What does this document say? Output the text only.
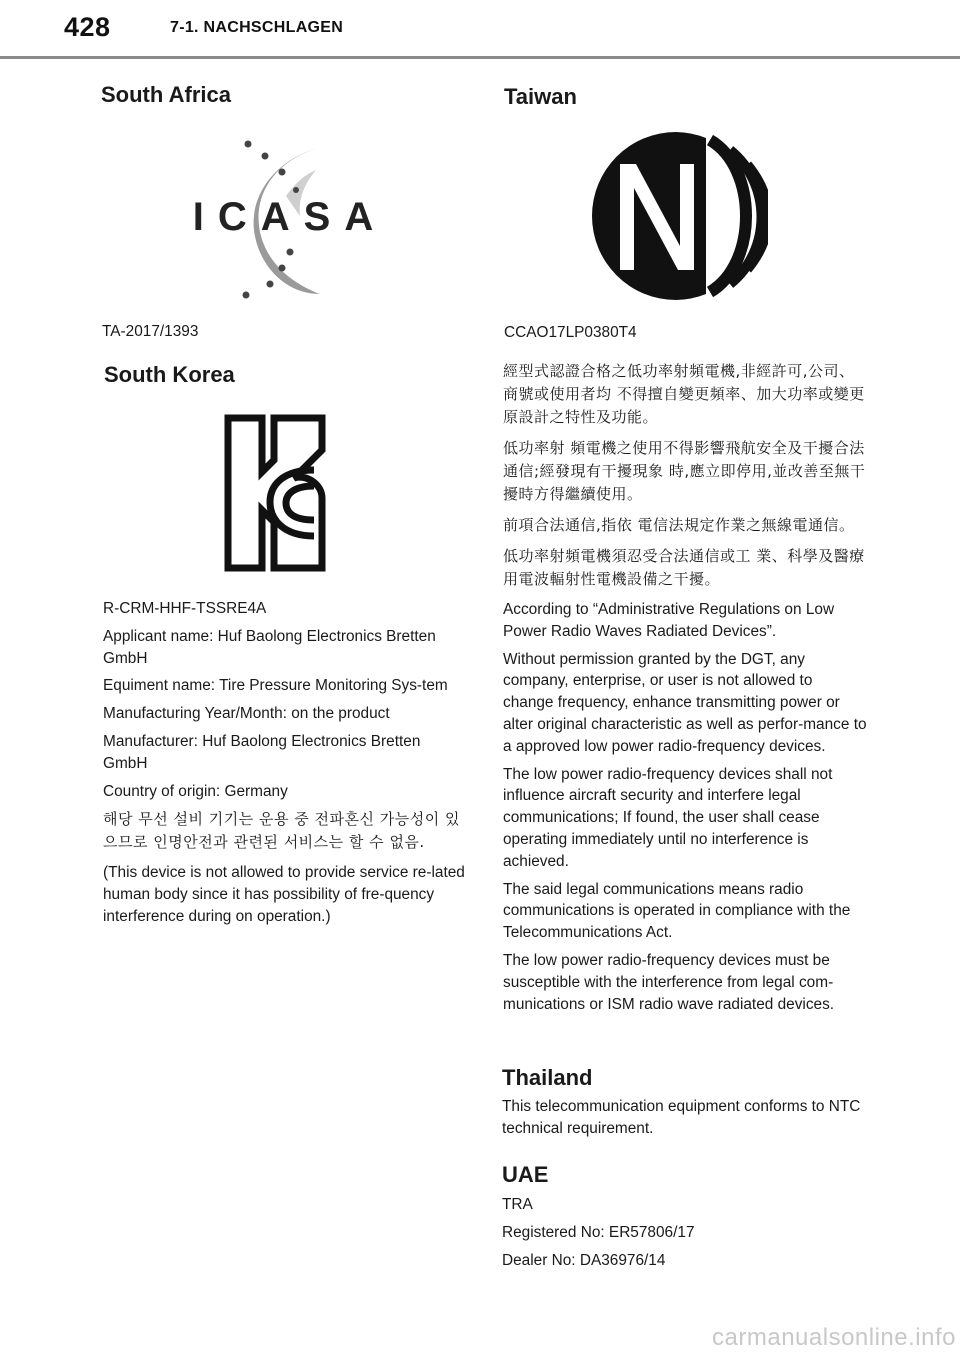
428	7-1. NACHSCHLAGEN
South Africa
ICASA

TA-2017/1393

South Korea

R-CRM-HHF-TSSRE4A

Applicant name: Huf Baolong Electronics Bretten GmbH

Equiment name: Tire Pressure Monitoring Sys-tem

Manufacturing Year/Month: on the product

Manufacturer: Huf Baolong Electronics Bretten GmbH

Country of origin: Germany

해당 무선 설비 기기는 운용 중 전파혼신 가능성이 있으므로 인명안전과 관련된 서비스는 할 수 없음.

(This device is not allowed to provide service re-lated human body since it has possibility of fre-quency interference during on operation.)

Taiwan

CCAO17LP0380T4

經型式認證合格之低功率射頻電機,非經許可,公司、商號或使用者均 不得擅自變更頻率、加大功率或變更原設計之特性及功能。

低功率射 頻電機之使用不得影響飛航安全及干擾合法通信;經發現有干擾現象 時,應立即停用,並改善至無干擾時方得繼續使用。

前項合法通信,指依 電信法規定作業之無線電通信。

低功率射頻電機須忍受合法通信或工 業、科學及醫療用電波輻射性電機設備之干擾。

According to “Administrative Regulations on Low Power Radio Waves Radiated Devices”.

Without permission granted by the DGT, any company, enterprise, or user is not allowed to change frequency, enhance transmitting power or alter original characteristic as well as perfor-mance to a approved low power radio-frequency devices.

The low power radio-frequency devices shall not influence aircraft security and interfere legal communications; If found, the user shall cease operating immediately until no interference is achieved.

The said legal communications means radio communications is operated in compliance with the Telecommunications Act.

The low power radio-frequency devices must be susceptible with the interference from legal com-munications or ISM radio wave radiated devices.

Thailand

This telecommunication equipment conforms to NTC technical requirement.

UAE

TRA

Registered No: ER57806/17

Dealer No: DA36976/14

carmanualsonline.info
